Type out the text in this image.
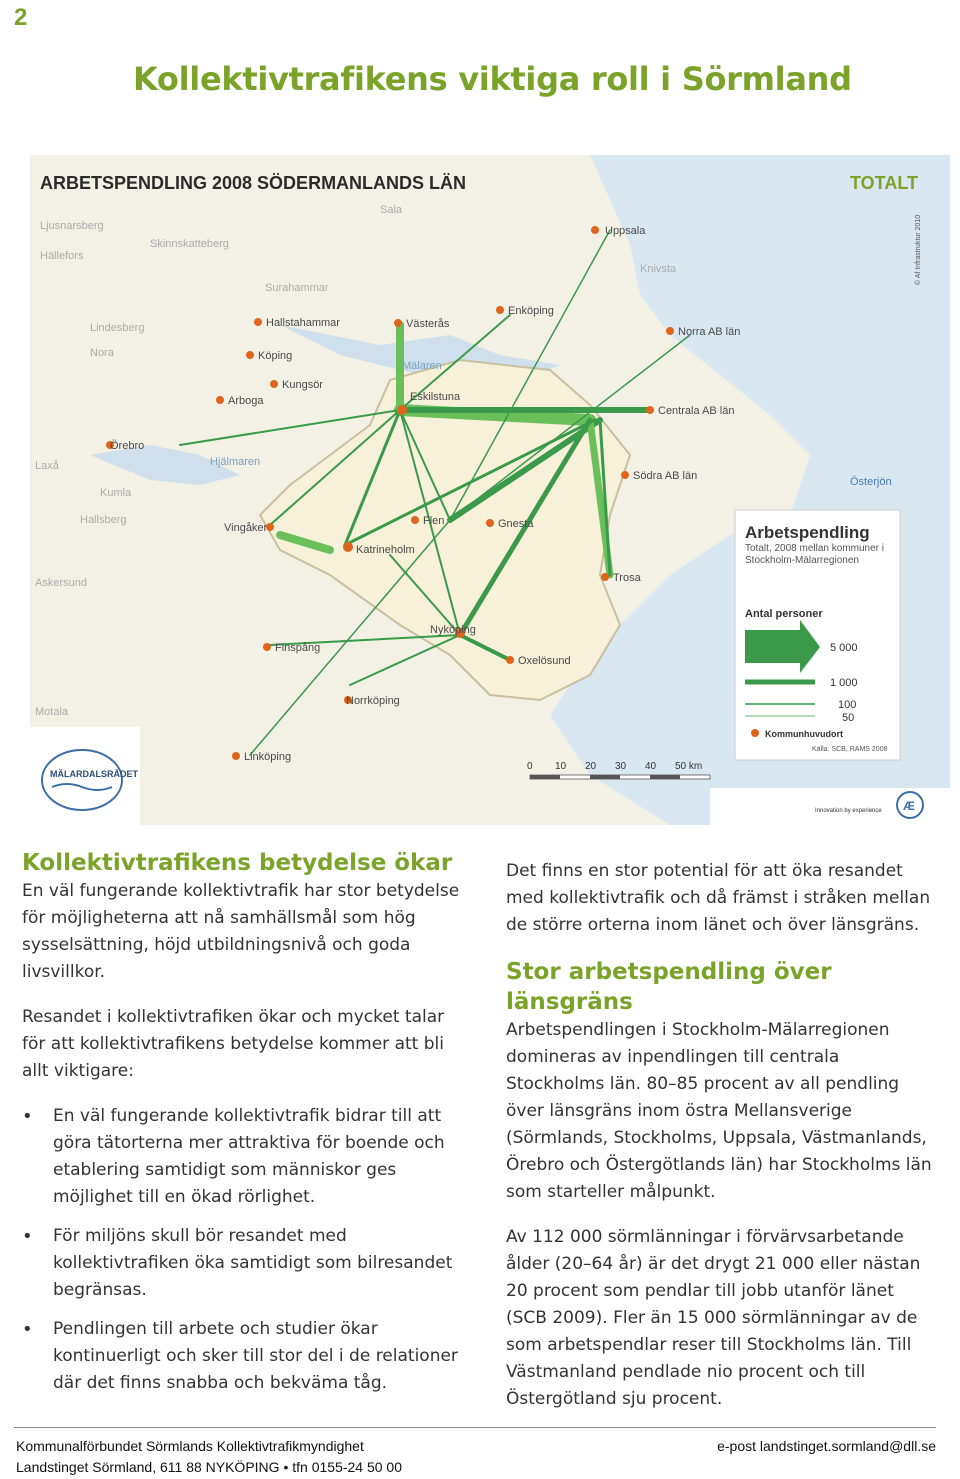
2
Kollektivtrafikens viktiga roll i Sörmland
ARBETSPENDLING 2008 SÖDERMANLANDS LÄN	TOTALT
© Af Infrastruktur 2010
Uppsala
Sala
Ljusnarsberg
Hällefors
Skinnskatteberg
Knivsta
Surahammar
Lindesberg	Hallstahammar	Västerås
Enköping
Norra AB län
Nora	Köping
Kungsör
Arboga	Eskilstuna
Centrala AB län
Örebro
Hjälmaren
Södra AB län	Österjön
Laxå
Kumla
Hallsberg
Vingåker
Flen	Gnesta
Katrineholm
Trosa
Askersund
Finspång
Nyköping
Oxelösund
Motala
Norrköping
Linköping
Mälaren
Arbetspendling
Totalt, 2008 mellan kommuner i Stockholm-Mälarregionen
Antal personer
5 000
1 000
100
50
Kommunhuvudort
Källa: SCB, RAMS 2008
0 10 20 30 40 50 km
MÄLARDALSRÅDET
Innovation by experience Æ
Kollektivtrafikens betydelse ökar

En väl fungerande kollektivtrafik har stor betydelse för möjligheterna att nå samhällsmål som hög sysselsättning, höjd utbildningsnivå och goda livsvillkor.

Resandet i kollektivtrafiken ökar och mycket talar för att kollektivtrafikens betydelse kommer att bli allt viktigare:

• En väl fungerande kollektivtrafik bidrar till att göra tätorterna mer attraktiva för boende och etablering samtidigt som människor ges möjlighet till en ökad rörlighet.
• För miljöns skull bör resandet med kollektivtrafiken öka samtidigt som bilresandet begränsas.
• Pendlingen till arbete och studier ökar kontinuerligt och sker till stor del i de relationer där det finns snabba och bekväma tåg.

Det finns en stor potential för att öka resandet med kollektivtrafik och då främst i stråken mellan de större orterna inom länet och över länsgräns.

Stor arbetspendling över länsgräns

Arbetspendlingen i Stockholm-Mälarregionen domineras av inpendlingen till centrala Stockholms län. 80–85 procent av all pendling över länsgräns inom östra Mellansverige (Sörmlands, Stockholms, Uppsala, Västmanlands, Örebro och Östergötlands län) har Stockholms län som starteller målpunkt.

Av 112 000 sörmlänningar i förvärvsarbetande ålder (20–64 år) är det drygt 21 000 eller nästan 20 procent som pendlar till jobb utanför länet (SCB 2009). Fler än 15 000 sörmlänningar av de som arbetspendlar reser till Stockholms län. Till Västmanland pendlade nio procent och till Östergötland sju procent.

Kommunalförbundet Sörmlands Kollektivtrafikmyndighet
Landstinget Sörmland, 611 88 NYKÖPING • tfn 0155-24 50 00
e-post landstinget.sormland@dll.se
